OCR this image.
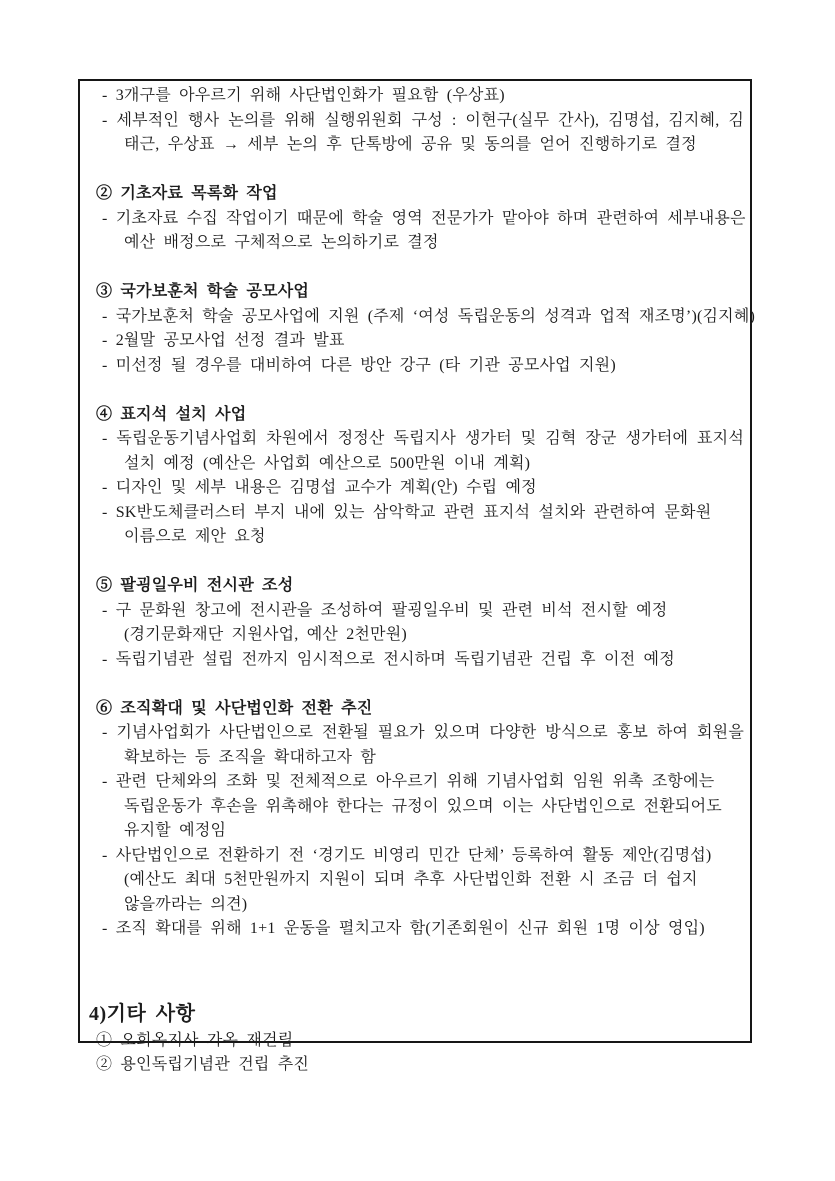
- 3개구를 아우르기 위해 사단법인화가 필요함 (우상표)
- 세부적인 행사 논의를 위해 실행위원회 구성 : 이현구(실무 간사), 김명섭, 김지혜, 김
태근, 우상표 → 세부 논의 후 단톡방에 공유 및 동의를 얻어 진행하기로 결정
② 기초자료 목록화 작업
- 기초자료 수집 작업이기 때문에 학술 영역 전문가가 맡아야 하며 관련하여 세부내용은
예산 배정으로 구체적으로 논의하기로 결정
③ 국가보훈처 학술 공모사업
- 국가보훈처 학술 공모사업에 지원 (주제 ‘여성 독립운동의 성격과 업적 재조명’)(김지혜)
- 2월말 공모사업 선정 결과 발표
- 미선정 될 경우를 대비하여 다른 방안 강구 (타 기관 공모사업 지원)
④ 표지석 설치 사업
- 독립운동기념사업회 차원에서 정정산 독립지사 생가터 및 김혁 장군 생가터에 표지석
설치 예정 (예산은 사업회 예산으로 500만원 이내 계획)
- 디자인 및 세부 내용은 김명섭 교수가 계획(안) 수립 예정
- SK반도체클러스터 부지 내에 있는 삼악학교 관련 표지석 설치와 관련하여 문화원
이름으로 제안 요청
⑤ 팔굉일우비 전시관 조성
- 구 문화원 창고에 전시관을 조성하여 팔굉일우비 및 관련 비석 전시할 예정
(경기문화재단 지원사업, 예산 2천만원)
- 독립기념관 설립 전까지 임시적으로 전시하며 독립기념관 건립 후 이전 예정
⑥ 조직확대 및 사단법인화 전환 추진
- 기념사업회가 사단법인으로 전환될 필요가 있으며 다양한 방식으로 홍보 하여 회원을
확보하는 등 조직을 확대하고자 함
- 관련 단체와의 조화 및 전체적으로 아우르기 위해 기념사업회 임원 위촉 조항에는
독립운동가 후손을 위촉해야 한다는 규정이 있으며 이는 사단법인으로 전환되어도
유지할 예정임
- 사단법인으로 전환하기 전 ‘경기도 비영리 민간 단체’ 등록하여 활동 제안(김명섭)
(예산도 최대 5천만원까지 지원이 되며 추후 사단법인화 전환 시 조금 더 쉽지
않을까라는 의견)
- 조직 확대를 위해 1+1 운동을 펼치고자 함(기존회원이 신규 회원 1명 이상 영입)
4)기타 사항
① 오희옥지사 가옥 재건립
② 용인독립기념관 건립 추진
